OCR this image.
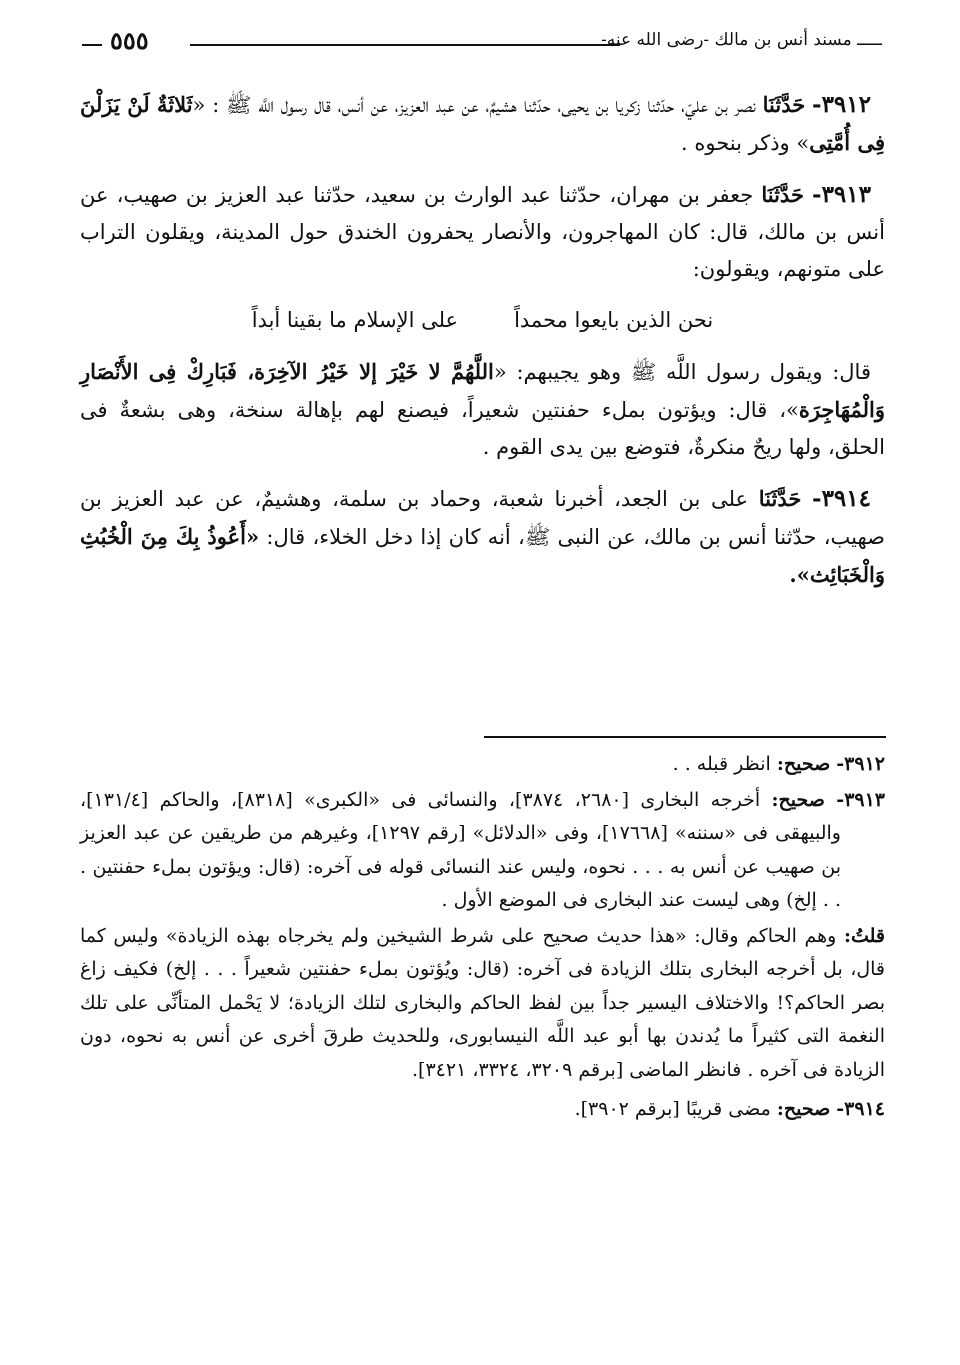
ـــــ مسند أنس بن مالك -رضى الله عنه-
٥٥٥

٣٩١٢- حَدَّثَنَا نصر بن عليّ، حدّثنا زكريا بن يحيى، حدّثنا هشيمٌ، عن عبد العزيز، عن أنس، قال رسول اللَّه ﷺ : «ثَلاثَةٌ لَنْ يَزَلْنَ فِى أُمَّتِى» وذكر بنحوه .

٣٩١٣- حَدَّثَنَا جعفر بن مهران، حدّثنا عبد الوارث بن سعيد، حدّثنا عبد العزيز بن صهيب، عن أنس بن مالك، قال: كان المهاجرون، والأنصار يحفرون الخندق حول المدينة، ويقلون التراب على متونهم، ويقولون:

نحن الذين بايعوا محمداً
على الإسلام ما بقينا أبداً

قال: ويقول رسول اللَّه ﷺ وهو يجيبهم: «اللَّهُمَّ لا خَيْرَ إلا خَيْرُ الآخِرَة، فَبَارِكْ فِى الأَنْصَارِ وَالْمُهَاجِرَة»، قال: ويؤتون بملء حفنتين شعيراً، فيصنع لهم بإهالة سنخة، وهى بشعةٌ فى الحلق، ولها ريحٌ منكرةٌ، فتوضع بين يدى القوم .

٣٩١٤- حَدَّثَنَا على بن الجعد، أخبرنا شعبة، وحماد بن سلمة، وهشيمٌ، عن عبد العزيز بن صهيب، حدّثنا أنس بن مالك، عن النبى ﷺ، أنه كان إذا دخل الخلاء، قال: «أَعُوذُ بِكَ مِنَ الْخُبُثِ وَالْخَبَائِث».

٣٩١٢- صحيح: انظر قبله . .

٣٩١٣- صحيح: أخرجه البخارى [٢٦٨٠، ٣٨٧٤]، والنسائى فى «الكبرى» [٨٣١٨]، والحاكم [١٣١/٤]، والبيهقى فى «سننه» [١٧٦٦٨]، وفى «الدلائل» [رقم ١٢٩٧]، وغيرهم من طريقين عن عبد العزيز بن صهيب عن أنس به . . . نحوه، وليس عند النسائى قوله فى آخره: (قال: ويؤتون بملء حفنتين . . . إلخ) وهى ليست عند البخارى فى الموضع الأول .

قلتُ: وهم الحاكم وقال: «هذا حديث صحيح على شرط الشيخين ولم يخرجاه بهذه الزيادة» وليس كما قال، بل أخرجه البخارى بتلك الزيادة فى آخره: (قال: ويُؤتون بملء حفنتين شعيراً . . . إلخ) فكيف زاغ بصر الحاكم؟! والاختلاف اليسير جداً بين لفظ الحاكم والبخارى لتلك الزيادة؛ لا يَحْمل المتأنِّى على تلك النغمة التى كثيراً ما يُدندن بها أبو عبد اللَّه النيسابورى، وللحديث طرقَ أخرى عن أنس به نحوه، دون الزيادة فى آخره . فانظر الماضى [برقم ٣٢٠٩، ٣٣٢٤، ٣٤٢١].

٣٩١٤- صحيح: مضى قريبًا [برقم ٣٩٠٢].
